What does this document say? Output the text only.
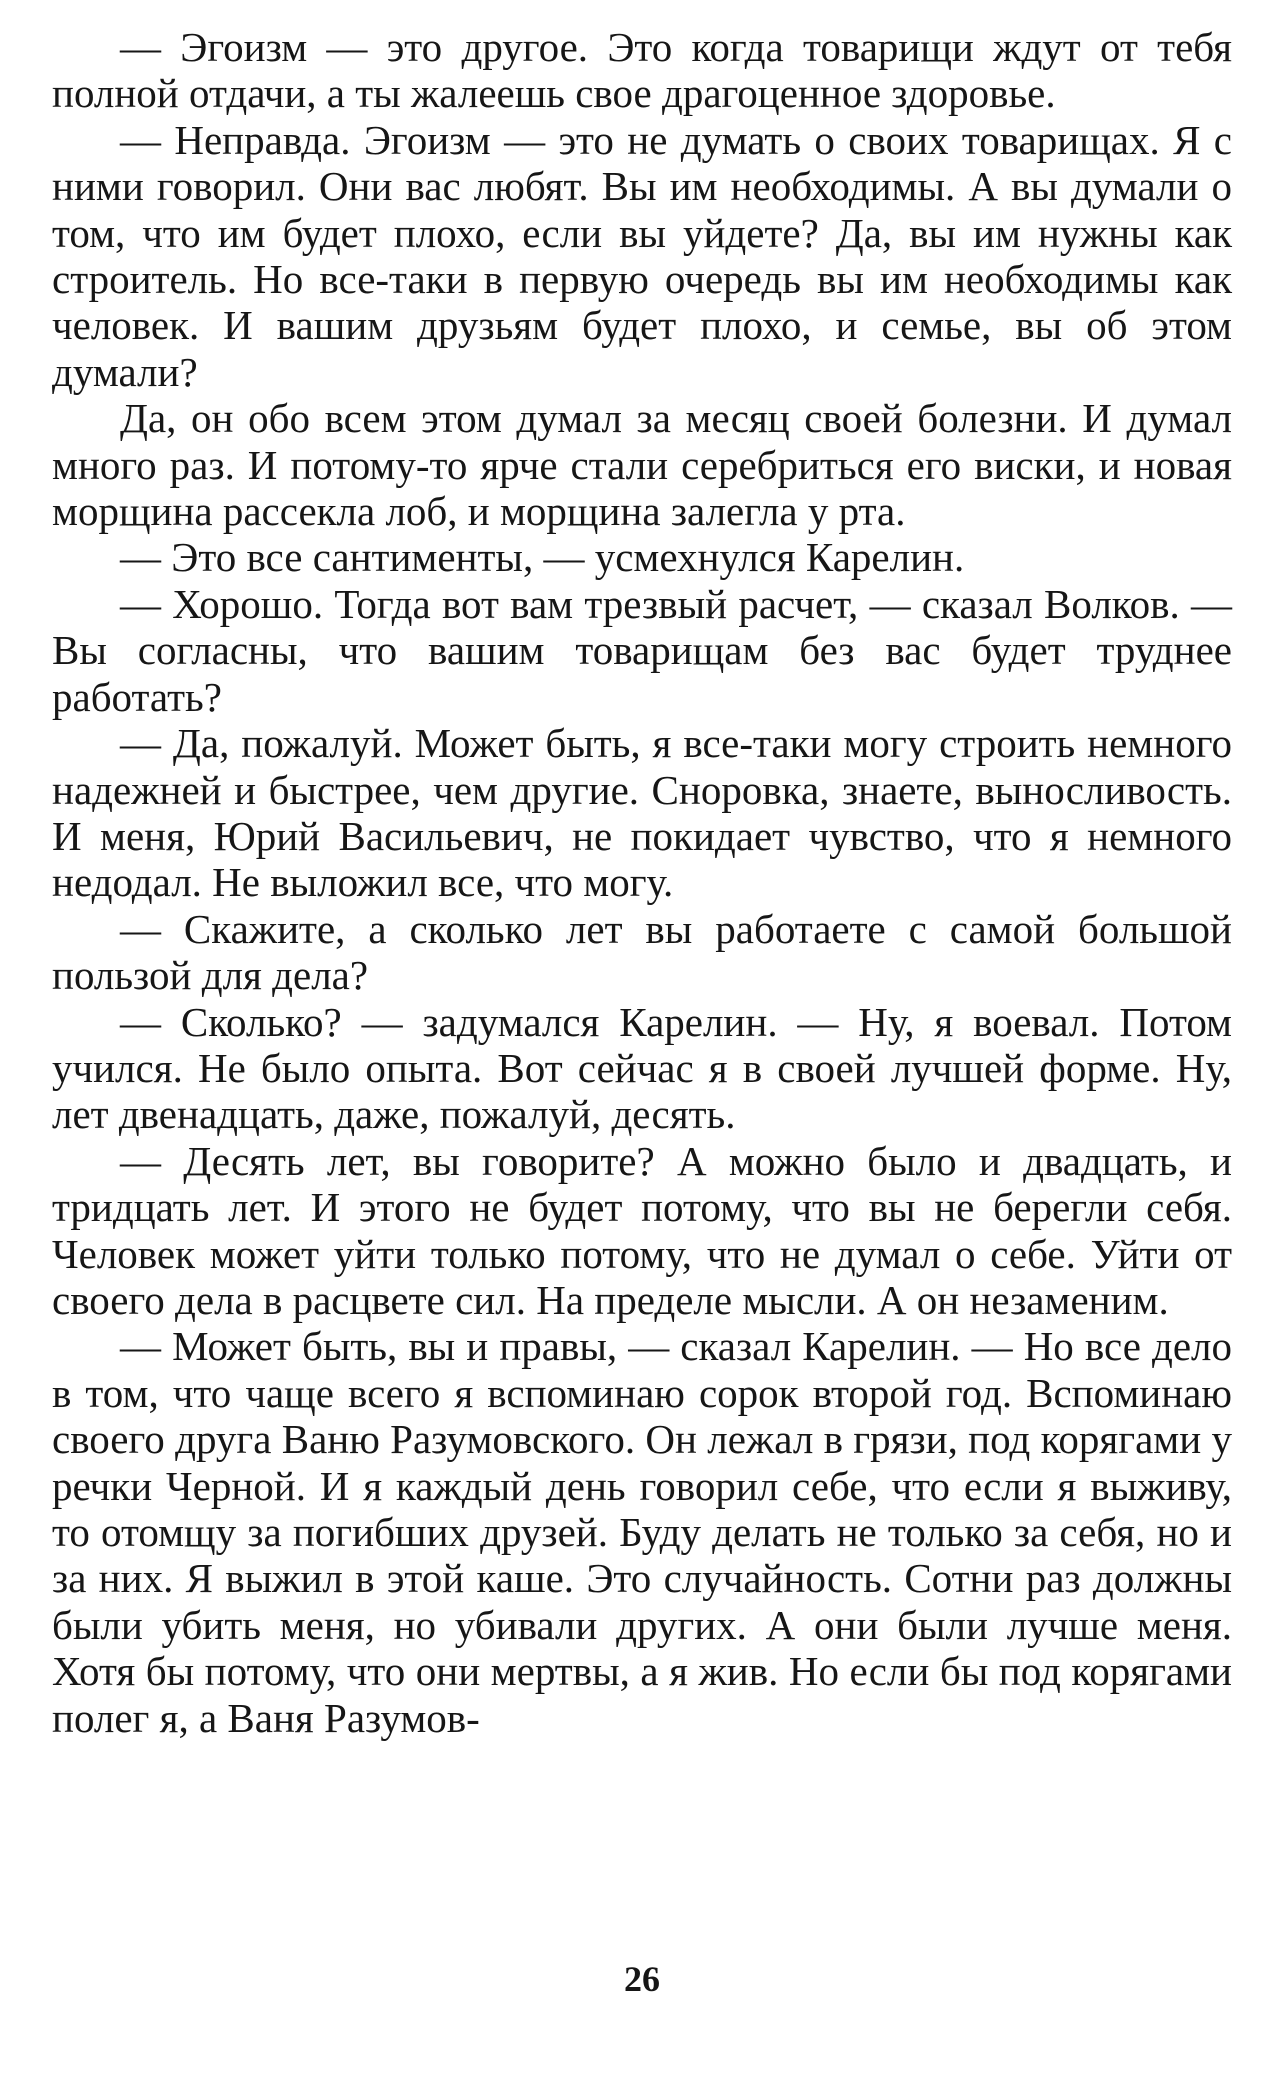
— Эгоизм — это другое. Это когда товарищи ждут от тебя полной отдачи, а ты жалеешь свое драгоценное здоровье.

— Неправда. Эгоизм — это не думать о своих товарищах. Я с ними говорил. Они вас любят. Вы им необходимы. А вы думали о том, что им будет плохо, если вы уйдете? Да, вы им нужны как строитель. Но все-таки в первую очередь вы им необходимы как человек. И вашим друзьям будет плохо, и семье, вы об этом думали?

Да, он обо всем этом думал за месяц своей болезни. И думал много раз. И потому-то ярче стали серебриться его виски, и новая морщина рассекла лоб, и морщина залегла у рта.

— Это все сантименты, — усмехнулся Карелин.

— Хорошо. Тогда вот вам трезвый расчет, — сказал Волков. — Вы согласны, что вашим товарищам без вас будет труднее работать?

— Да, пожалуй. Может быть, я все-таки могу строить немного надежней и быстрее, чем другие. Сноровка, знаете, выносливость. И меня, Юрий Васильевич, не покидает чувство, что я немного недодал. Не выложил все, что могу.

— Скажите, а сколько лет вы работаете с самой большой пользой для дела?

— Сколько? — задумался Карелин. — Ну, я воевал. Потом учился. Не было опыта. Вот сейчас я в своей лучшей форме. Ну, лет двенадцать, даже, пожалуй, десять.

— Десять лет, вы говорите? А можно было и двадцать, и тридцать лет. И этого не будет потому, что вы не берегли себя. Человек может уйти только потому, что не думал о себе. Уйти от своего дела в расцвете сил. На пределе мысли. А он незаменим.

— Может быть, вы и правы, — сказал Карелин. — Но все дело в том, что чаще всего я вспоминаю сорок второй год. Вспоминаю своего друга Ваню Разумовского. Он лежал в грязи, под корягами у речки Черной. И я каждый день говорил себе, что если я выживу, то отомщу за погибших друзей. Буду делать не только за себя, но и за них. Я выжил в этой каше. Это случайность. Сотни раз должны были убить меня, но убивали других. А они были лучше меня. Хотя бы потому, что они мертвы, а я жив. Но если бы под корягами полег я, а Ваня Разумов-

26
